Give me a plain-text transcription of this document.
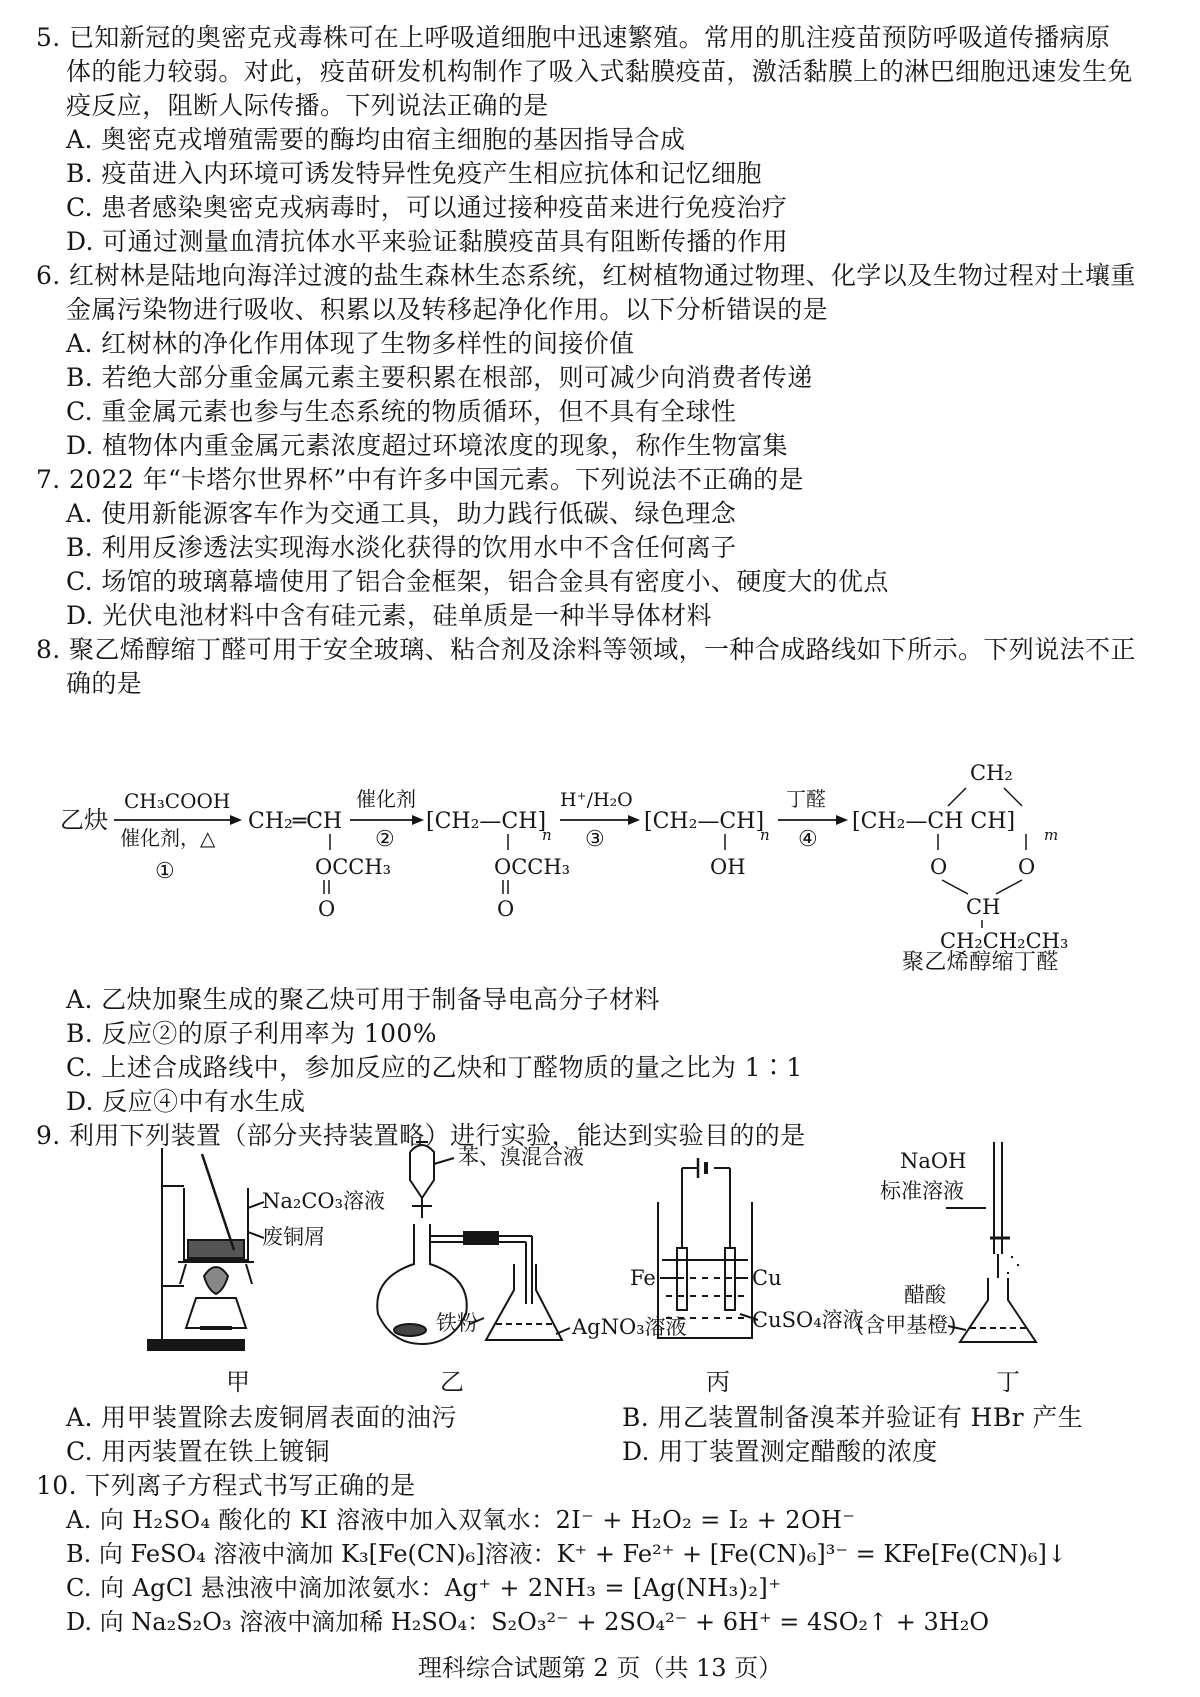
5. 已知新冠的奥密克戎毒株可在上呼吸道细胞中迅速繁殖。常用的肌注疫苗预防呼吸道传播病原
体的能力较弱。对此，疫苗研发机构制作了吸入式黏膜疫苗，激活黏膜上的淋巴细胞迅速发生免
疫反应，阻断人际传播。下列说法正确的是
A. 奥密克戎增殖需要的酶均由宿主细胞的基因指导合成
B. 疫苗进入内环境可诱发特异性免疫产生相应抗体和记忆细胞
C. 患者感染奥密克戎病毒时，可以通过接种疫苗来进行免疫治疗
D. 可通过测量血清抗体水平来验证黏膜疫苗具有阻断传播的作用
6. 红树林是陆地向海洋过渡的盐生森林生态系统，红树植物通过物理、化学以及生物过程对土壤重
金属污染物进行吸收、积累以及转移起净化作用。以下分析错误的是
A. 红树林的净化作用体现了生物多样性的间接价值
B. 若绝大部分重金属元素主要积累在根部，则可减少向消费者传递
C. 重金属元素也参与生态系统的物质循环，但不具有全球性
D. 植物体内重金属元素浓度超过环境浓度的现象，称作生物富集
7. 2022 年“卡塔尔世界杯”中有许多中国元素。下列说法不正确的是
A. 使用新能源客车作为交通工具，助力践行低碳、绿色理念
B. 利用反渗透法实现海水淡化获得的饮用水中不含任何离子
C. 场馆的玻璃幕墙使用了铝合金框架，铝合金具有密度小、硬度大的优点
D. 光伏电池材料中含有硅元素，硅单质是一种半导体材料
8. 聚乙烯醇缩丁醛可用于安全玻璃、粘合剂及涂料等领域，一种合成路线如下所示。下列说法不正
确的是
乙炔
CH₃COOH
催化剂，△
①
CH₂═CH
OCCH₃
O
催化剂
②
[CH₂—CH]
n
OCCH₃
O
H⁺/H₂O
③
[CH₂—CH]
n
OH
丁醛
④
CH₂
[CH₂—CH CH]
m
O	O
CH
CH₂CH₂CH₃
聚乙烯醇缩丁醛
A. 乙炔加聚生成的聚乙炔可用于制备导电高分子材料
B. 反应②的原子利用率为 100%
C. 上述合成路线中，参加反应的乙炔和丁醛物质的量之比为 1∶1
D. 反应④中有水生成
9. 利用下列装置（部分夹持装置略）进行实验，能达到实验目的的是
Na₂CO₃溶液
废铜屑
苯、溴混合液
铁粉	AgNO₃溶液
Fe	Cu
CuSO₄溶液
NaOH
标准溶液
醋酸
(含甲基橙)
甲	乙	丙	丁
A. 用甲装置除去废铜屑表面的油污	B. 用乙装置制备溴苯并验证有 HBr 产生
C. 用丙装置在铁上镀铜	D. 用丁装置测定醋酸的浓度
10. 下列离子方程式书写正确的是
A. 向 H₂SO₄ 酸化的 KI 溶液中加入双氧水：2I⁻ + H₂O₂ = I₂ + 2OH⁻
B. 向 FeSO₄ 溶液中滴加 K₃[Fe(CN)₆]溶液：K⁺ + Fe²⁺ + [Fe(CN)₆]³⁻ = KFe[Fe(CN)₆]↓
C. 向 AgCl 悬浊液中滴加浓氨水：Ag⁺ + 2NH₃ = [Ag(NH₃)₂]⁺
D. 向 Na₂S₂O₃ 溶液中滴加稀 H₂SO₄：S₂O₃²⁻ + 2SO₄²⁻ + 6H⁺ = 4SO₂↑ + 3H₂O
理科综合试题第 2 页（共 13 页）
